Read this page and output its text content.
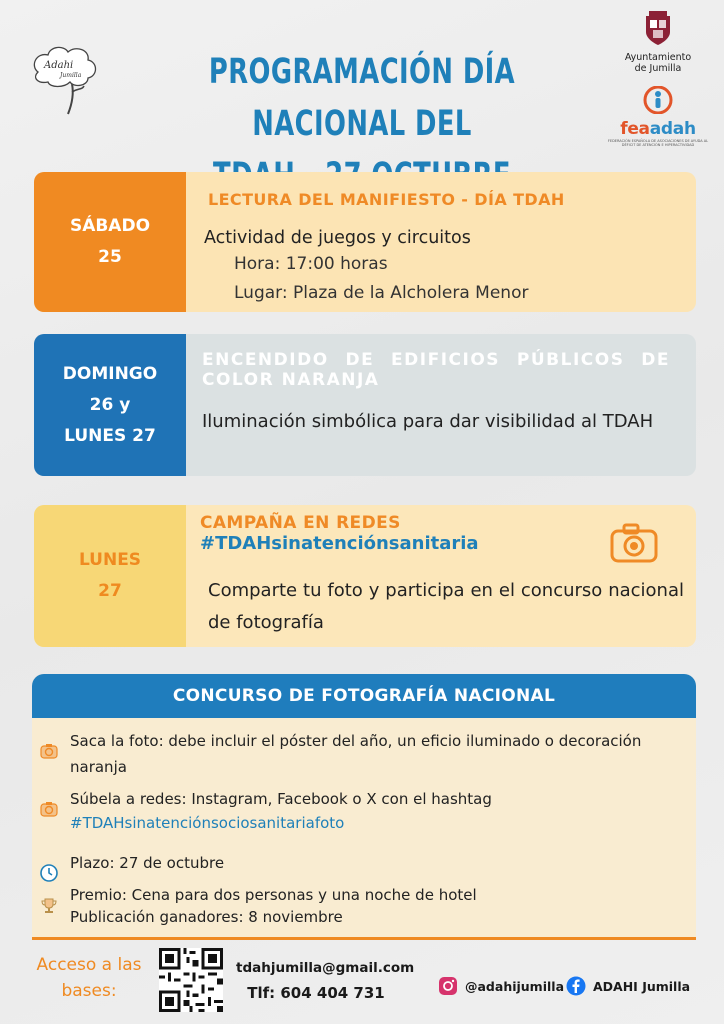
Adahi
Jumilla	PROGRAMACIÓN DÍA NACIONAL DEL
Ayuntamiento
de Jumilla
feaadah
FEDERACIÓN ESPAÑOLA DE ASOCIACIONES DE AYUDA AL DÉFICIT DE ATENCIÓN E HIPERACTIVIDAD
SÁBADO
25
LECTURA DEL MANIFIESTO - DÍA TDAH
Actividad de juegos y circuitos
Hora: 17:00 horas
Lugar: Plaza de la Alcholera Menor
DOMINGO
26 y
LUNES 27
ENCENDIDO DE EDIFICIOS PÚBLICOS DE COLOR NARANJA
Iluminación simbólica para dar visibilidad al TDAH
LUNES
27
CAMPAÑA EN REDES
#TDAHsinatenciónsanitaria
Comparte tu foto y participa en el concurso nacional de fotografía
CONCURSO DE FOTOGRAFÍA NACIONAL
Saca la foto: debe incluir el póster del año, un eficio iluminado o decoración naranja
Súbela a redes: Instagram, Facebook o X con el hashtag
#TDAHsinatenciónsociosanitariafoto
Plazo: 27 de octubre
Premio: Cena para dos personas y una noche de hotel
Publicación ganadores: 8 noviembre
Acceso a las bases:
tdahjumilla@gmail.com
Tlf: 604 404 731	@adahijumilla ADAHI Jumilla
